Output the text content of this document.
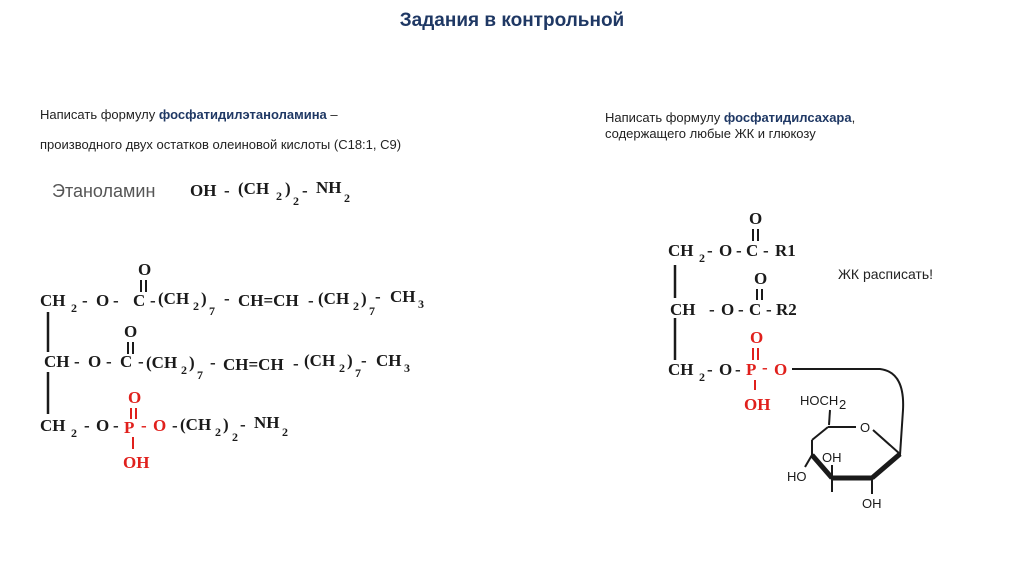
Задания в контрольной
Написать формулу фосфатидилэтаноламина –
производного двух остатков олеиновой кислоты (С18:1, С9)
Написать формулу фосфатидилсахара,
содержащего любые ЖК и глюкозу
Этаноламин OH - (CH 2 )
2
- NH
2
CH 2 - O - C
O
- (CH 2 )
7
- CH=CH - (CH 2 )
7
- CH 3
CH - O - C
O
- (CH 2 )
7
- CH=CH - (CH 2 )
7
- CH 3
CH 2 - O - P
O
OH
- O - (CH 2 )
2
- NH 2
CH 2 - O - C
O
- R1
CH - O - C
O
- R2
CH 2 - O - P
O
OH
- O
HOCH 2
O
HO
OH
OH
ЖК расписать!
